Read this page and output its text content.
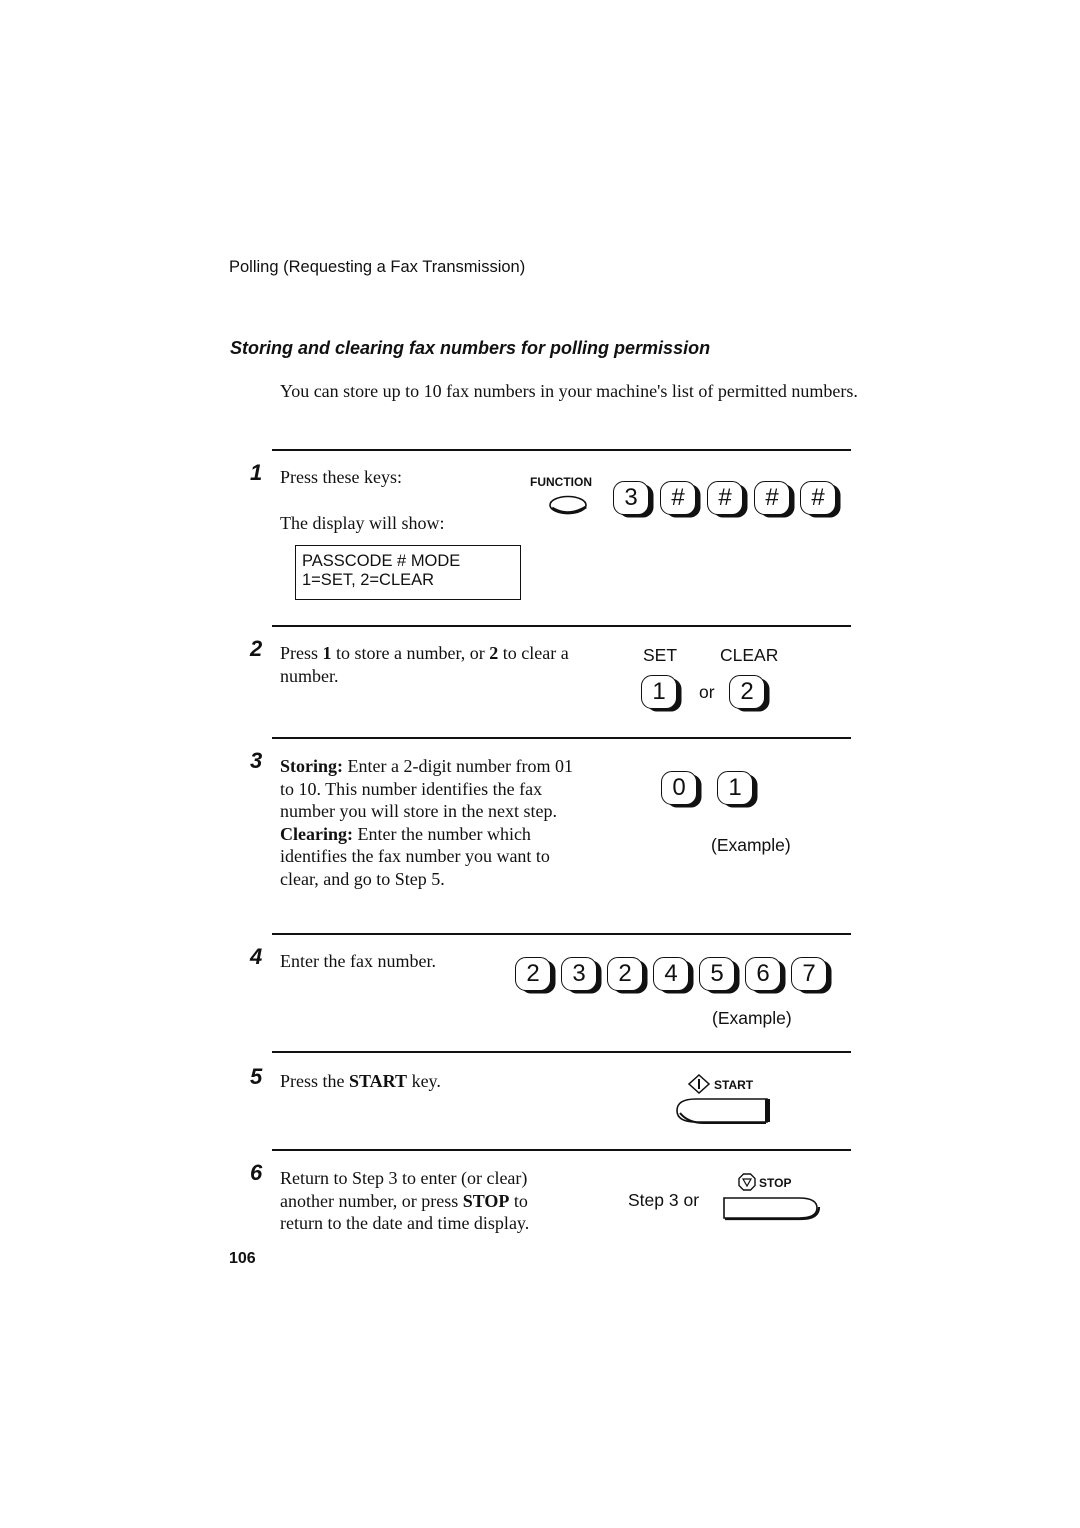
Polling (Requesting a Fax Transmission)
Storing and clearing fax numbers for polling permission
You can store up to 10 fax numbers in your machine's list of permitted numbers.
1 Press these keys:
The display will show:
PASSCODE # MODE
1=SET, 2=CLEAR
FUNCTION
3	#	#	#	#
2 Press 1 to store a number, or 2 to clear a number.
SET CLEAR
1	or	2
3 Storing: Enter a 2-digit number from 01 to 10. This number identifies the fax number you will store in the next step.
Clearing: Enter the number which identifies the fax number you want to clear, and go to Step 5.
0	1
(Example)
4 Enter the fax number.	2	3	2	4	5	6	7
(Example)
5 Press the START key.	START
6 Return to Step 3 to enter (or clear) another number, or press STOP to return to the date and time display.
Step 3 or
STOP
106
